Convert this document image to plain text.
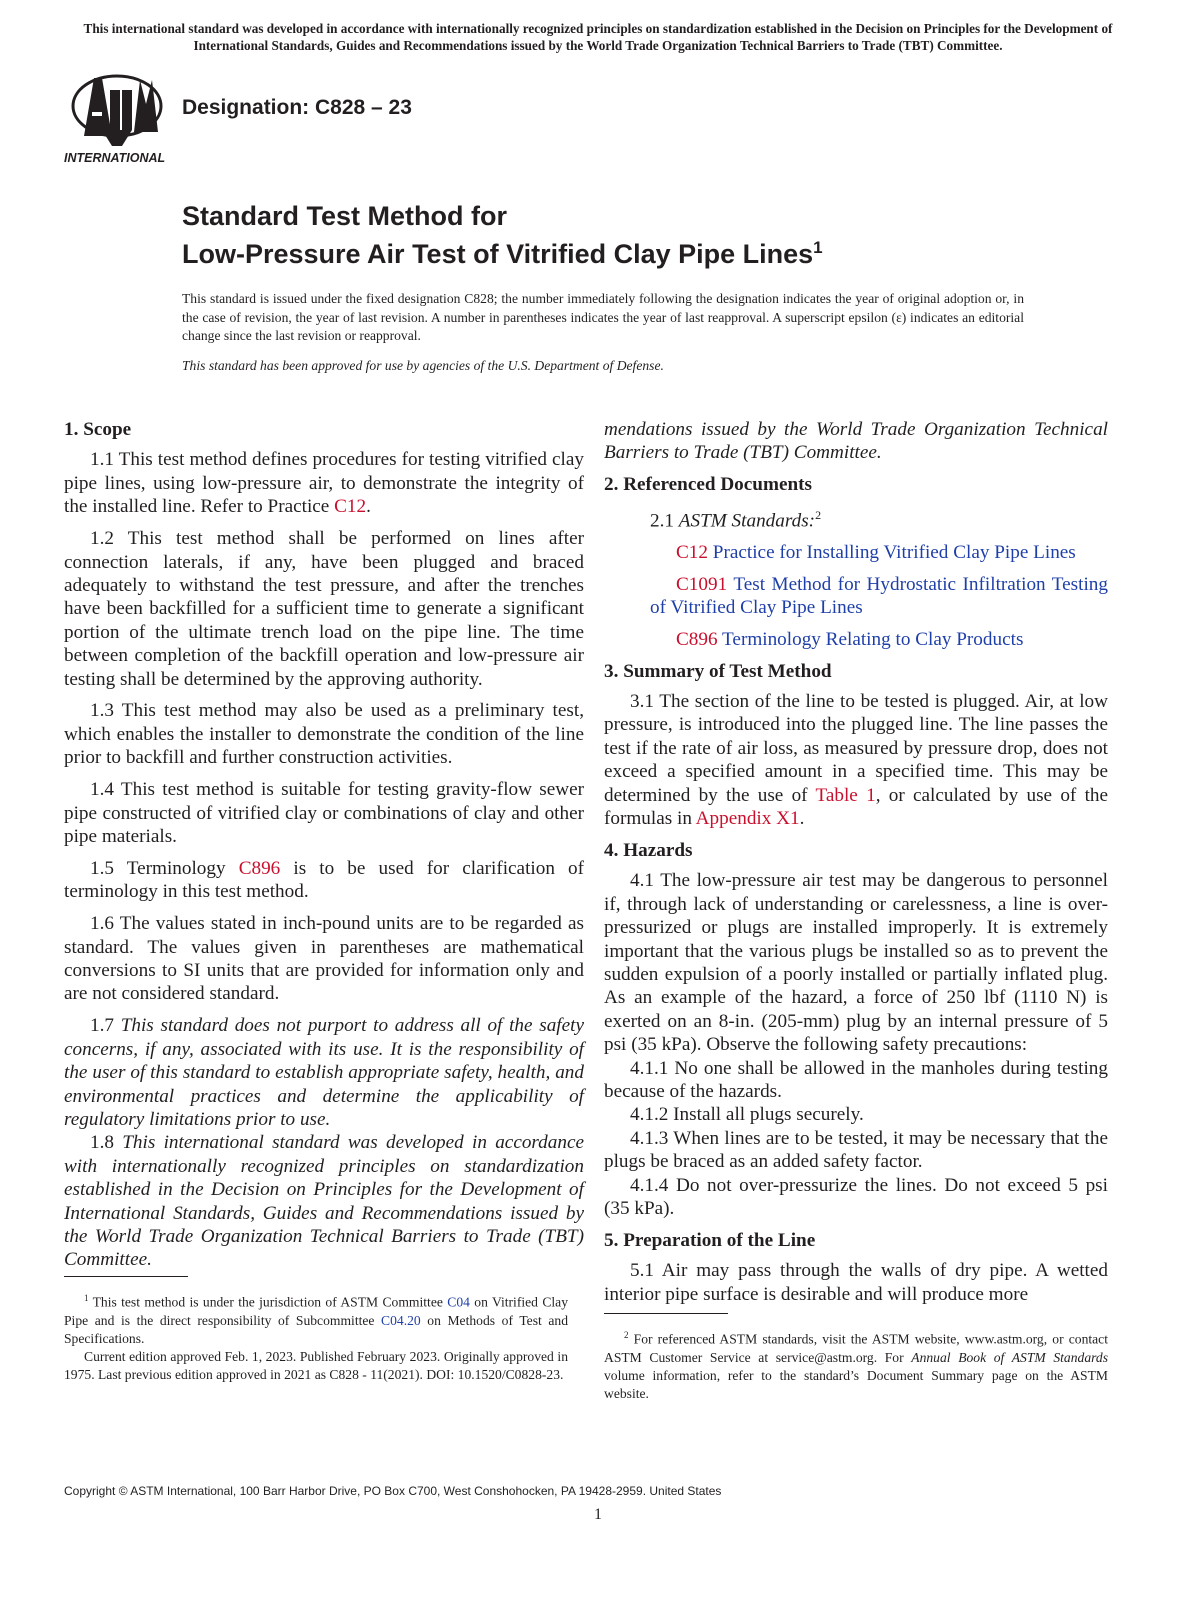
This international standard was developed in accordance with internationally recognized principles on standardization established in the Decision on Principles for the Development of International Standards, Guides and Recommendations issued by the World Trade Organization Technical Barriers to Trade (TBT) Committee.
INTERNATIONAL
Designation: C828 – 23
Standard Test Method for
Low-Pressure Air Test of Vitrified Clay Pipe Lines$^1$
This standard is issued under the fixed designation C828; the number immediately following the designation indicates the year of original adoption or, in the case of revision, the year of last revision. A number in parentheses indicates the year of last reapproval. A superscript epsilon (ε) indicates an editorial change since the last revision or reapproval.
This standard has been approved for use by agencies of the U.S. Department of Defense.
1. Scope

1.1 This test method defines procedures for testing vitrified clay pipe lines, using low-pressure air, to demonstrate the integrity of the installed line. Refer to Practice C12.

1.2 This test method shall be performed on lines after connection laterals, if any, have been plugged and braced adequately to withstand the test pressure, and after the trenches have been backfilled for a sufficient time to generate a significant portion of the ultimate trench load on the pipe line. The time between completion of the backfill operation and low-pressure air testing shall be determined by the approving authority.

1.3 This test method may also be used as a preliminary test, which enables the installer to demonstrate the condition of the line prior to backfill and further construction activities.

1.4 This test method is suitable for testing gravity-flow sewer pipe constructed of vitrified clay or combinations of clay and other pipe materials.

1.5 Terminology C896 is to be used for clarification of terminology in this test method.

1.6 The values stated in inch-pound units are to be regarded as standard. The values given in parentheses are mathematical conversions to SI units that are provided for information only and are not considered standard.

1.7 This standard does not purport to address all of the safety concerns, if any, associated with its use. It is the responsibility of the user of this standard to establish appropriate safety, health, and environmental practices and determine the applicability of regulatory limitations prior to use.

1.8 This international standard was developed in accordance with internationally recognized principles on standardization established in the Decision on Principles for the Development of International Standards, Guides and Recommendations issued by the World Trade Organization Technical Barriers to Trade (TBT) Committee.

$^1$ This test method is under the jurisdiction of ASTM Committee C04 on Vitrified Clay Pipe and is the direct responsibility of Subcommittee C04.20 on Methods of Test and Specifications.

Current edition approved Feb. 1, 2023. Published February 2023. Originally approved in 1975. Last previous edition approved in 2021 as C828 - 11(2021). DOI: 10.1520/C0828-23.

mendations issued by the World Trade Organization Technical Barriers to Trade (TBT) Committee.

2. Referenced Documents

2.1 ASTM Standards:$^2$

C12 Practice for Installing Vitrified Clay Pipe Lines

C1091 Test Method for Hydrostatic Infiltration Testing of Vitrified Clay Pipe Lines

C896 Terminology Relating to Clay Products

3. Summary of Test Method

3.1 The section of the line to be tested is plugged. Air, at low pressure, is introduced into the plugged line. The line passes the test if the rate of air loss, as measured by pressure drop, does not exceed a specified amount in a specified time. This may be determined by the use of Table 1, or calculated by use of the formulas in Appendix X1.

4. Hazards

4.1 The low-pressure air test may be dangerous to personnel if, through lack of understanding or carelessness, a line is over-pressurized or plugs are installed improperly. It is extremely important that the various plugs be installed so as to prevent the sudden expulsion of a poorly installed or partially inflated plug. As an example of the hazard, a force of 250 lbf (1110 N) is exerted on an 8-in. (205-mm) plug by an internal pressure of 5 psi (35 kPa). Observe the following safety precautions:

4.1.1 No one shall be allowed in the manholes during testing because of the hazards.

4.1.2 Install all plugs securely.

4.1.3 When lines are to be tested, it may be necessary that the plugs be braced as an added safety factor.

4.1.4 Do not over-pressurize the lines. Do not exceed 5 psi (35 kPa).

5. Preparation of the Line

5.1 Air may pass through the walls of dry pipe. A wetted interior pipe surface is desirable and will produce more

$^2$ For referenced ASTM standards, visit the ASTM website, www.astm.org, or contact ASTM Customer Service at service@astm.org. For Annual Book of ASTM Standards volume information, refer to the standard’s Document Summary page on the ASTM website.

Copyright © ASTM International, 100 Barr Harbor Drive, PO Box C700, West Conshohocken, PA 19428-2959. United States
1
